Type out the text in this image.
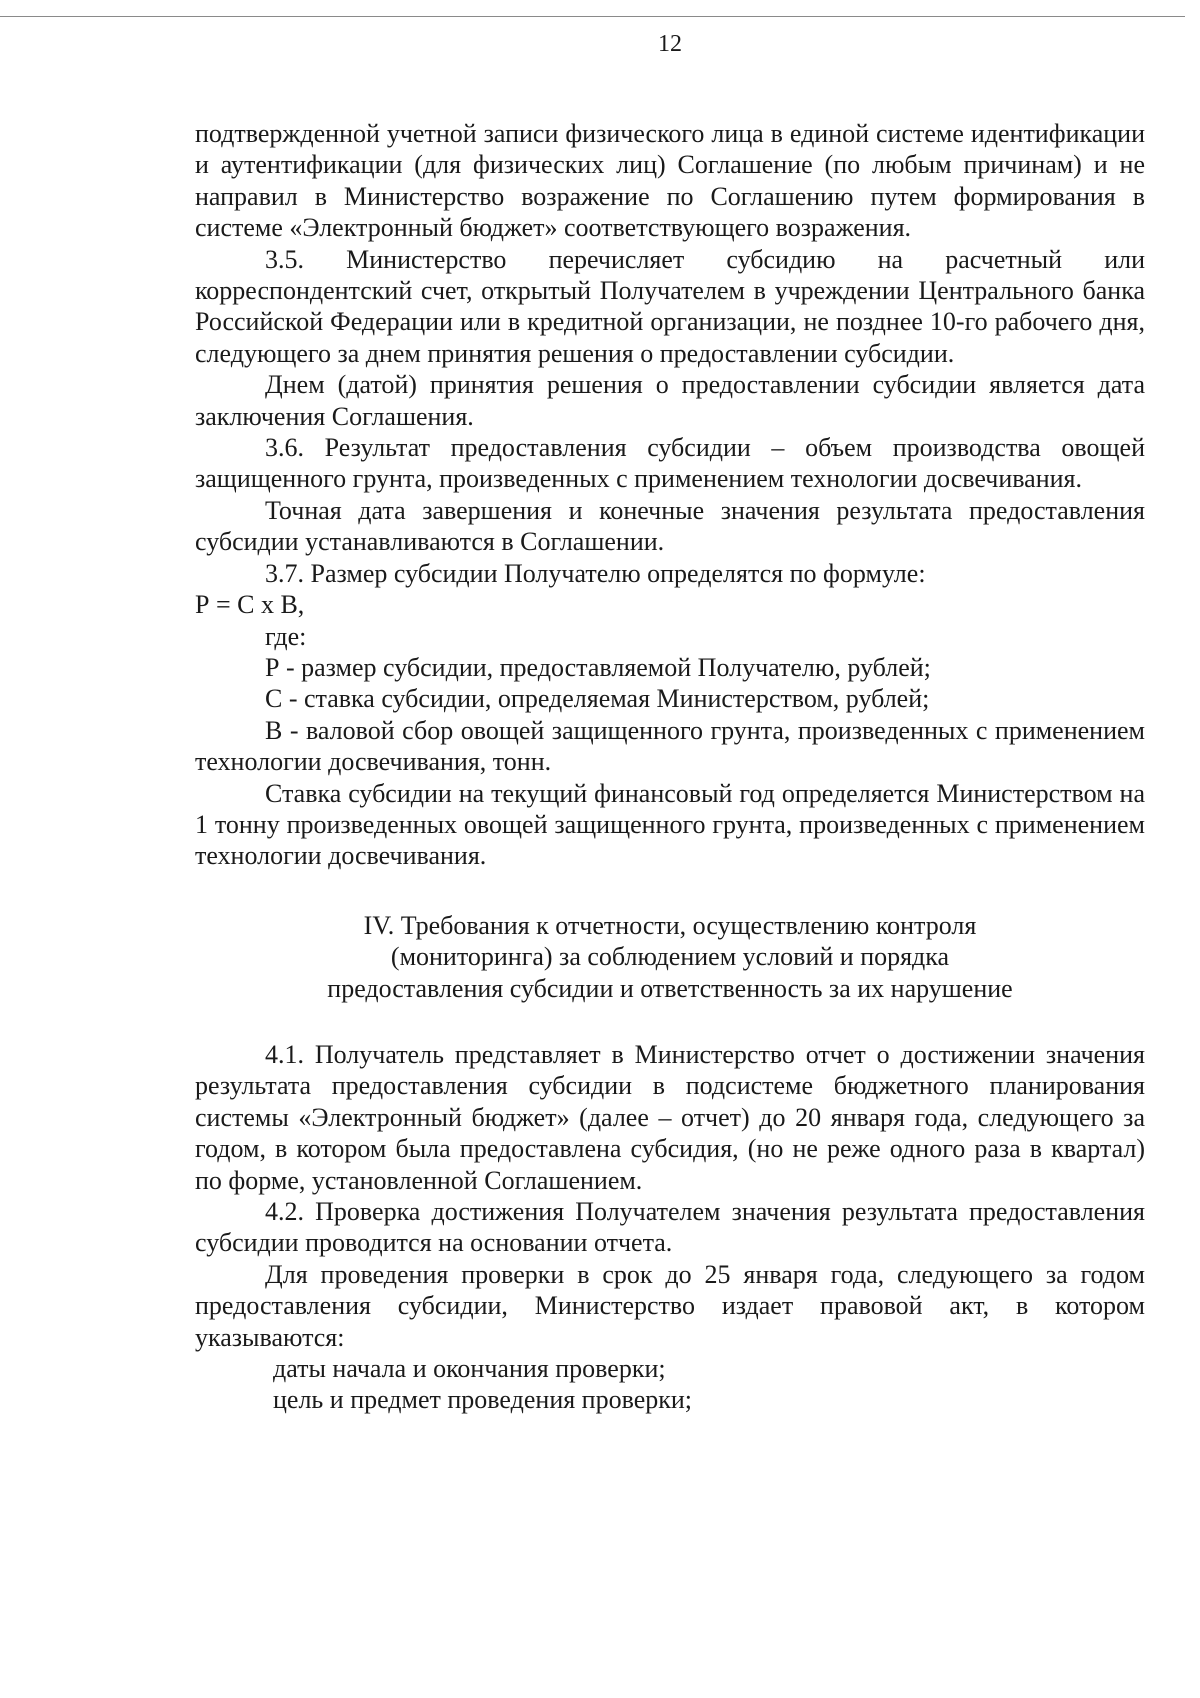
12

подтвержденной учетной записи физического лица в единой системе идентификации и аутентификации (для физических лиц) Соглашение (по любым причинам) и не направил в Министерство возражение по Соглашению путем формирования в системе «Электронный бюджет» соответствующего возражения.

3.5. Министерство перечисляет субсидию на расчетный или корреспондентский счет, открытый Получателем в учреждении Центрального банка Российской Федерации или в кредитной организации, не позднее 10-го рабочего дня, следующего за днем принятия решения о предоставлении субсидии.

Днем (датой) принятия решения о предоставлении субсидии является дата заключения Соглашения.

3.6. Результат предоставления субсидии – объем производства овощей защищенного грунта, произведенных с применением технологии досвечивания.

Точная дата завершения и конечные значения результата предоставления субсидии устанавливаются в Соглашении.

3.7. Размер субсидии Получателю определятся по формуле:

Р = С х В,

где:

Р - размер субсидии, предоставляемой Получателю, рублей;

С - ставка субсидии, определяемая Министерством, рублей;

В - валовой сбор овощей защищенного грунта, произведенных с применением технологии досвечивания, тонн.

Ставка субсидии на текущий финансовый год определяется Министерством на 1 тонну произведенных овощей защищенного грунта, произведенных с применением технологии досвечивания.

IV. Требования к отчетности, осуществлению контроля
(мониторинга) за соблюдением условий и порядка
предоставления субсидии и ответственность за их нарушение

4.1. Получатель представляет в Министерство отчет о достижении значения результата предоставления субсидии в подсистеме бюджетного планирования системы «Электронный бюджет» (далее – отчет) до 20 января года, следующего за годом, в котором была предоставлена субсидия, (но не реже одного раза в квартал) по форме, установленной Соглашением.

4.2. Проверка достижения Получателем значения результата предоставления субсидии проводится на основании отчета.

Для проведения проверки в срок до 25 января года, следующего за годом предоставления субсидии, Министерство издает правовой акт, в котором указываются:

даты начала и окончания проверки;

цель и предмет проведения проверки;
